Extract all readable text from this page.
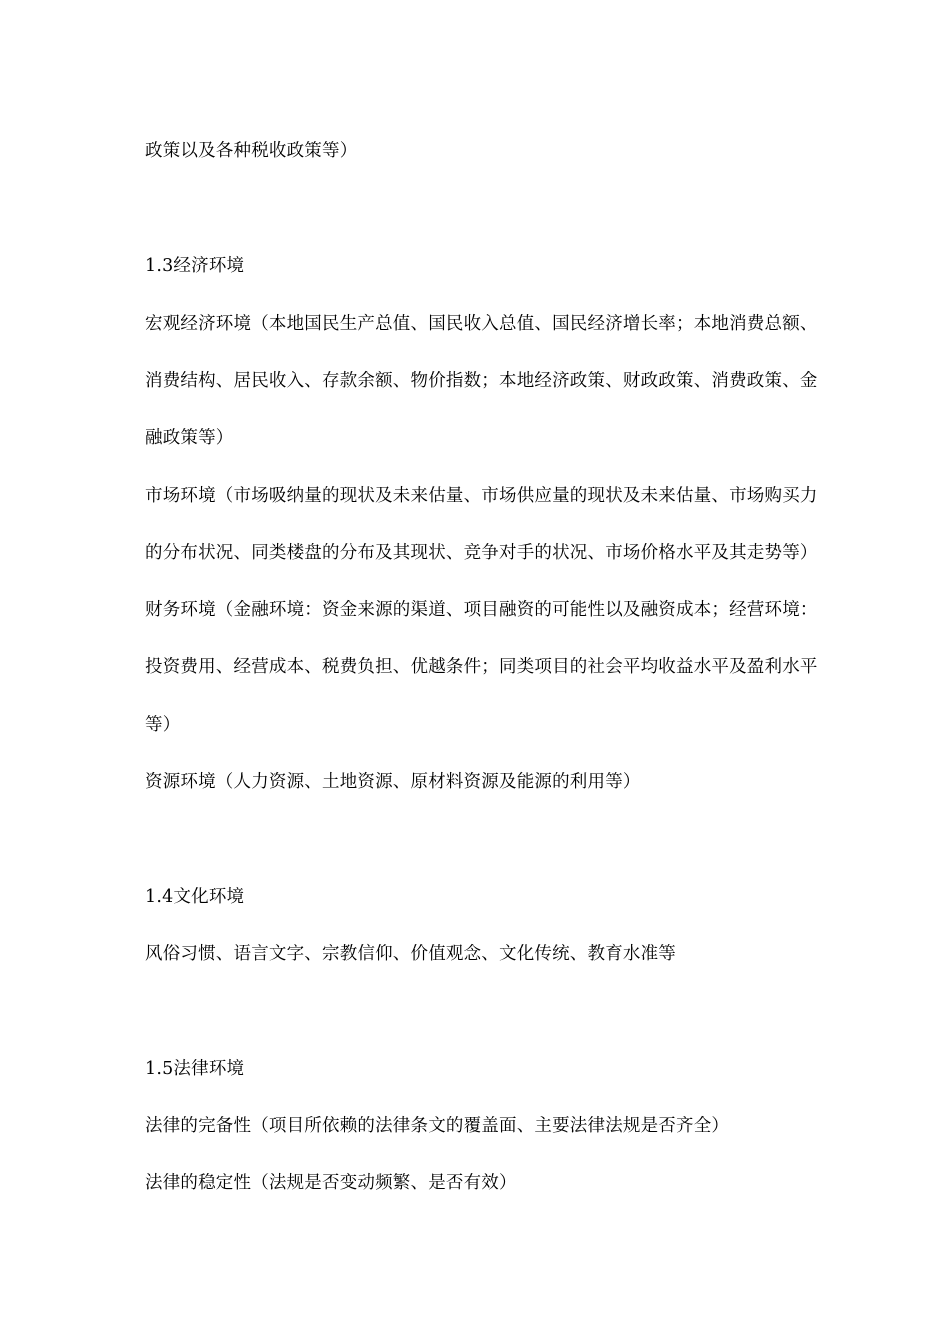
政策以及各种税收政策等）
1.3经济环境
宏观经济环境（本地国民生产总值、国民收入总值、国民经济增长率；本地消费总额、
消费结构、居民收入、存款余额、物价指数；本地经济政策、财政政策、消费政策、金
融政策等）
市场环境（市场吸纳量的现状及未来估量、市场供应量的现状及未来估量、市场购买力
的分布状况、同类楼盘的分布及其现状、竞争对手的状况、市场价格水平及其走势等）
财务环境（金融环境：资金来源的渠道、项目融资的可能性以及融资成本；经营环境：
投资费用、经营成本、税费负担、优越条件；同类项目的社会平均收益水平及盈利水平
等）
资源环境（人力资源、土地资源、原材料资源及能源的利用等）
1.4文化环境
风俗习惯、语言文字、宗教信仰、价值观念、文化传统、教育水准等
1.5法律环境
法律的完备性（项目所依赖的法律条文的覆盖面、主要法律法规是否齐全）
法律的稳定性（法规是否变动频繁、是否有效）
